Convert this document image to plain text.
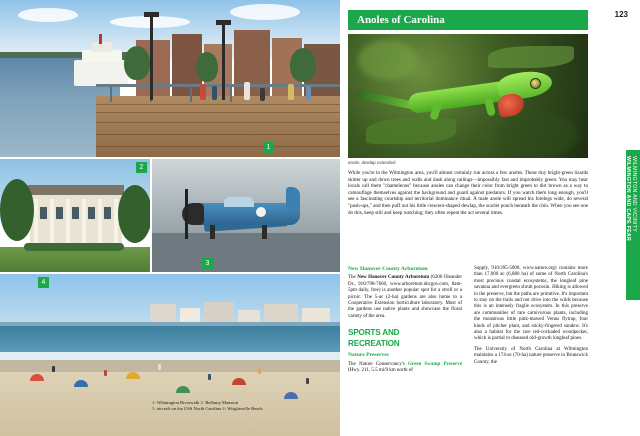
1
2
3
4
1: Wilmington Riverwalk 2: Bellamy Mansion
3: aircraft on the USS North Carolina 4: Wrightsville Beach
Anoles of Carolina	123
anole, dewlap extended
While you're in the Wilmington area, you'll almost certainly run across a few anoles. These tiny bright-green lizards skitter up and down trees and walls and dash along railings—impossibly fast and improbably green. You may hear locals call them "chameleons" because anoles can change their color from bright green to dirt brown as a way to camouflage themselves against the background and guard against predators. If you watch them long enough, you'll see a fascinating courtship and territorial dominance ritual. A male anole will spread his forelegs wide, do several "push-ups," and then puff out his little crescent-shaped dewlap, the scarlet pouch beneath the chin. When you see one do this, keep still and keep watching; they often repeat the act several times.
New Hanover County Arboretum

The New Hanover County Arboretum (6206 Oleander Dr., 910/798-7660, www.arboretum.nhcgov.com, 8am-5pm daily, free) is another popular spot for a stroll or a picnic. The 5-ac (2-ha) gardens are also home to a Cooperative Extension horticulture laboratory. Most of the gardens use native plants and showcase the floral variety of the area.

SPORTS AND
RECREATION
Nature Preserves

The Nature Conservancy's Green Swamp Preserve (Hwy. 211, 5.5 mi/9 km north of

Supply, 910/395-5000, www.nature.org) contains more than 17,000 ac (6,880 ha) of some of North Carolina's most precious coastal ecosystems, the longleaf pine savanna and evergreen shrub pocosin. Hiking is allowed in the preserve, but the paths are primitive. It's important to stay on the trails and not drive into the wilds because this is an intensely fragile ecosystem. In this preserve are communities of rare carnivorous plants, including the monstrous little pink-mawed Venus flytrap, four kinds of pitcher plant, and sticky-fingered sundew. It's also a habitat for the rare red-cockaded woodpecker, which is partial to diseased old-growth longleaf pines.

The University of North Carolina at Wilmington maintains a 174-ac (70-ha) nature preserve in Brunswick County, the

WILMINGTON AND CAPE FEAR WILMINGTON AND VICINITY
